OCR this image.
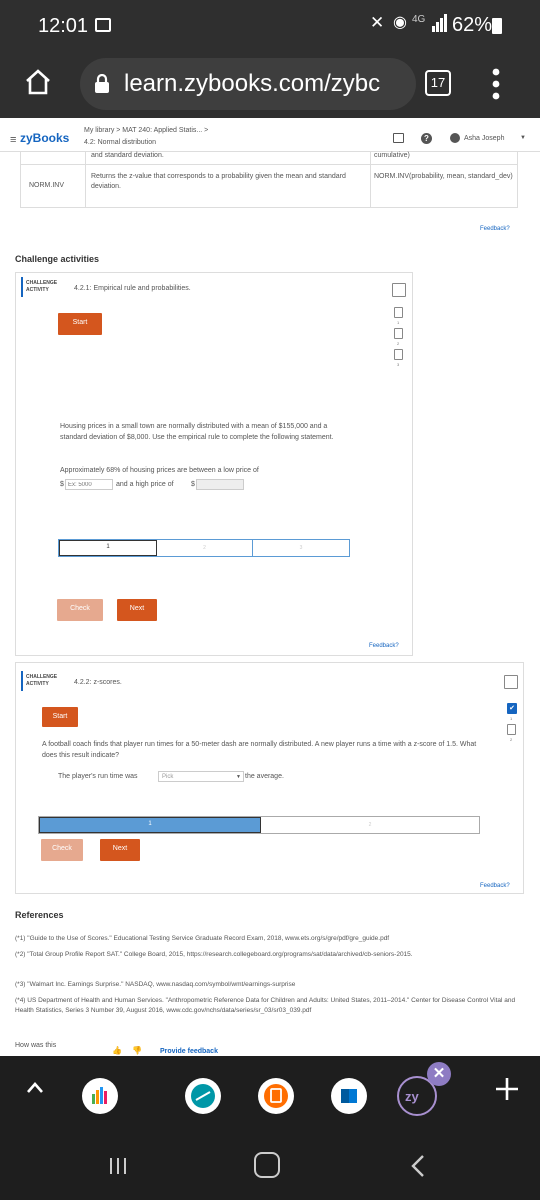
12:01	✕ ◉ 4G 62%
learn.zybooks.com/zybc	17
≡ zyBooks
My library > MAT 240: Applied Statis... >
4.2: Normal distribution	?	Asha Joseph	▼
and standard deviation.	cumulative)
NORM.INV
Returns the z-value that corresponds to a probability given the mean and standard deviation.
NORM.INV(probability, mean, standard_dev)
Feedback?
Challenge activities
CHALLENGE
ACTIVITY	4.2.1: Empirical rule and probabilities.
Start	1
2
3
Housing prices in a small town are normally distributed with a mean of $155,000 and a standard deviation of $8,000. Use the empirical rule to complete the following statement.
Approximately 68% of housing prices are between a low price of
$
Ex: 5000	and a high price of $
1	2	3
Check	Next
Feedback?
CHALLENGE
ACTIVITY	4.2.2: z-scores.
Start
✔
1
2
A football coach finds that player run times for a 50-meter dash are normally distributed. A new player runs a time with a z-score of 1.5. What does this result indicate?
The player's run time was	Pick	▼ the average.
1	2
Check	Next
Feedback?
References
(*1) "Guide to the Use of Scores." Educational Testing Service Graduate Record Exam, 2018, www.ets.org/s/gre/pdf/gre_guide.pdf
(*2) "Total Group Profile Report SAT." College Board, 2015, https://research.collegeboard.org/programs/sat/data/archived/cb-seniors-2015.
(*3) "Walmart Inc. Earnings Surprise." NASDAQ, www.nasdaq.com/symbol/wmt/earnings-surprise
(*4) US Department of Health and Human Services. "Anthropometric Reference Data for Children and Adults: United States, 2011–2014." Center for Disease Control Vital and Health Statistics, Series 3 Number 39, August 2016, www.cdc.gov/nchs/data/series/sr_03/sr03_039.pdf
How was this
👍 👎	Provide feedback
zy
✕
